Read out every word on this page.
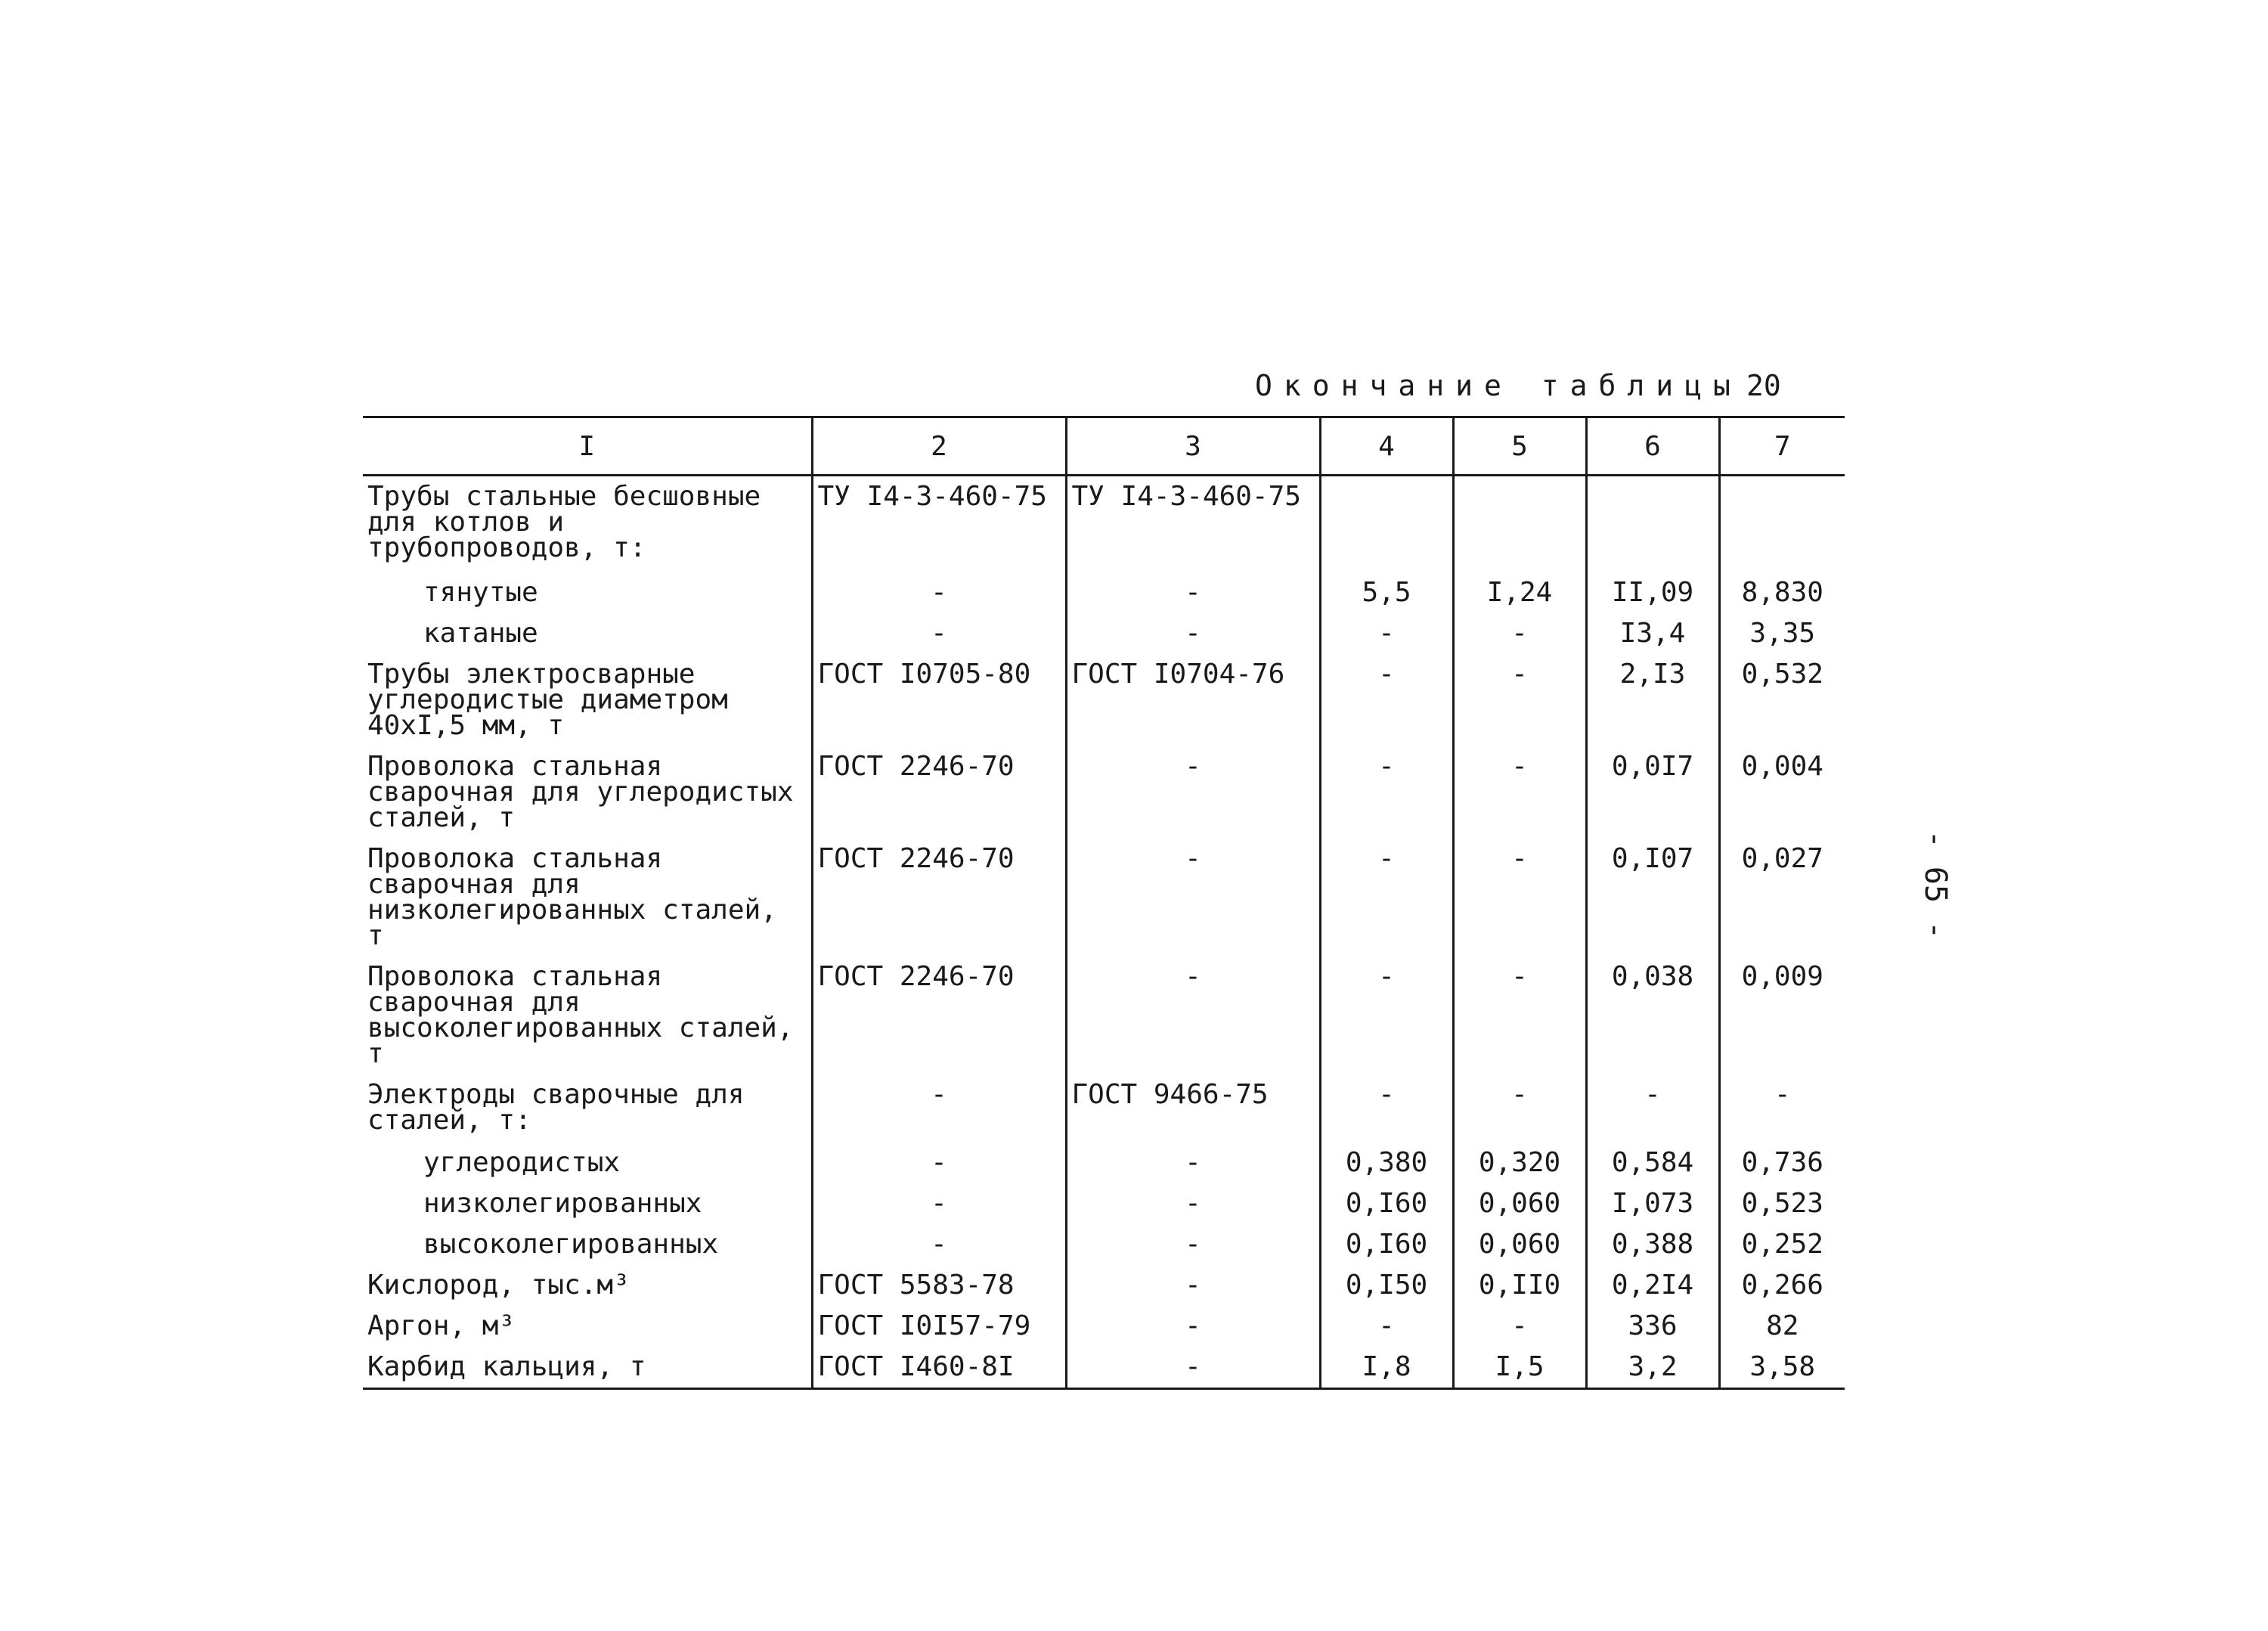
Окончание таблицы 20
- 65 -
I	2	3	4	5	6	7
Трубы стальные бесшовные для котлов и трубопроводов, т:	ТУ I4-3-460-75	ТУ I4-3-460-75				
тянутые	-	-	5,5	I,24	II,09	8,830
катаные	-	-	-	-	I3,4	3,35
Трубы электросварные углеродистые диаметром 40хI,5 мм, т	ГОСТ I0705-80	ГОСТ I0704-76	-	-	2,I3	0,532
Проволока стальная сварочная для углеродистых сталей, т	ГОСТ 2246-70	-	-	-	0,0I7	0,004
Проволока стальная сварочная для низколегированных сталей, т	ГОСТ 2246-70	-	-	-	0,I07	0,027
Проволока стальная сварочная для высоколегированных сталей, т	ГОСТ 2246-70	-	-	-	0,038	0,009
Электроды сварочные для сталей, т:	-	ГОСТ 9466-75	-	-	-	-
углеродистых	-	-	0,380	0,320	0,584	0,736
низколегированных	-	-	0,I60	0,060	I,073	0,523
высоколегированных	-	-	0,I60	0,060	0,388	0,252
Кислород, тыс.м³	ГОСТ 5583-78	-	0,I50	0,II0	0,2I4	0,266
Аргон, м³	ГОСТ I0I57-79	-	-	-	336	82
Карбид кальция, т	ГОСТ I460-8I	-	I,8	I,5	3,2	3,58
